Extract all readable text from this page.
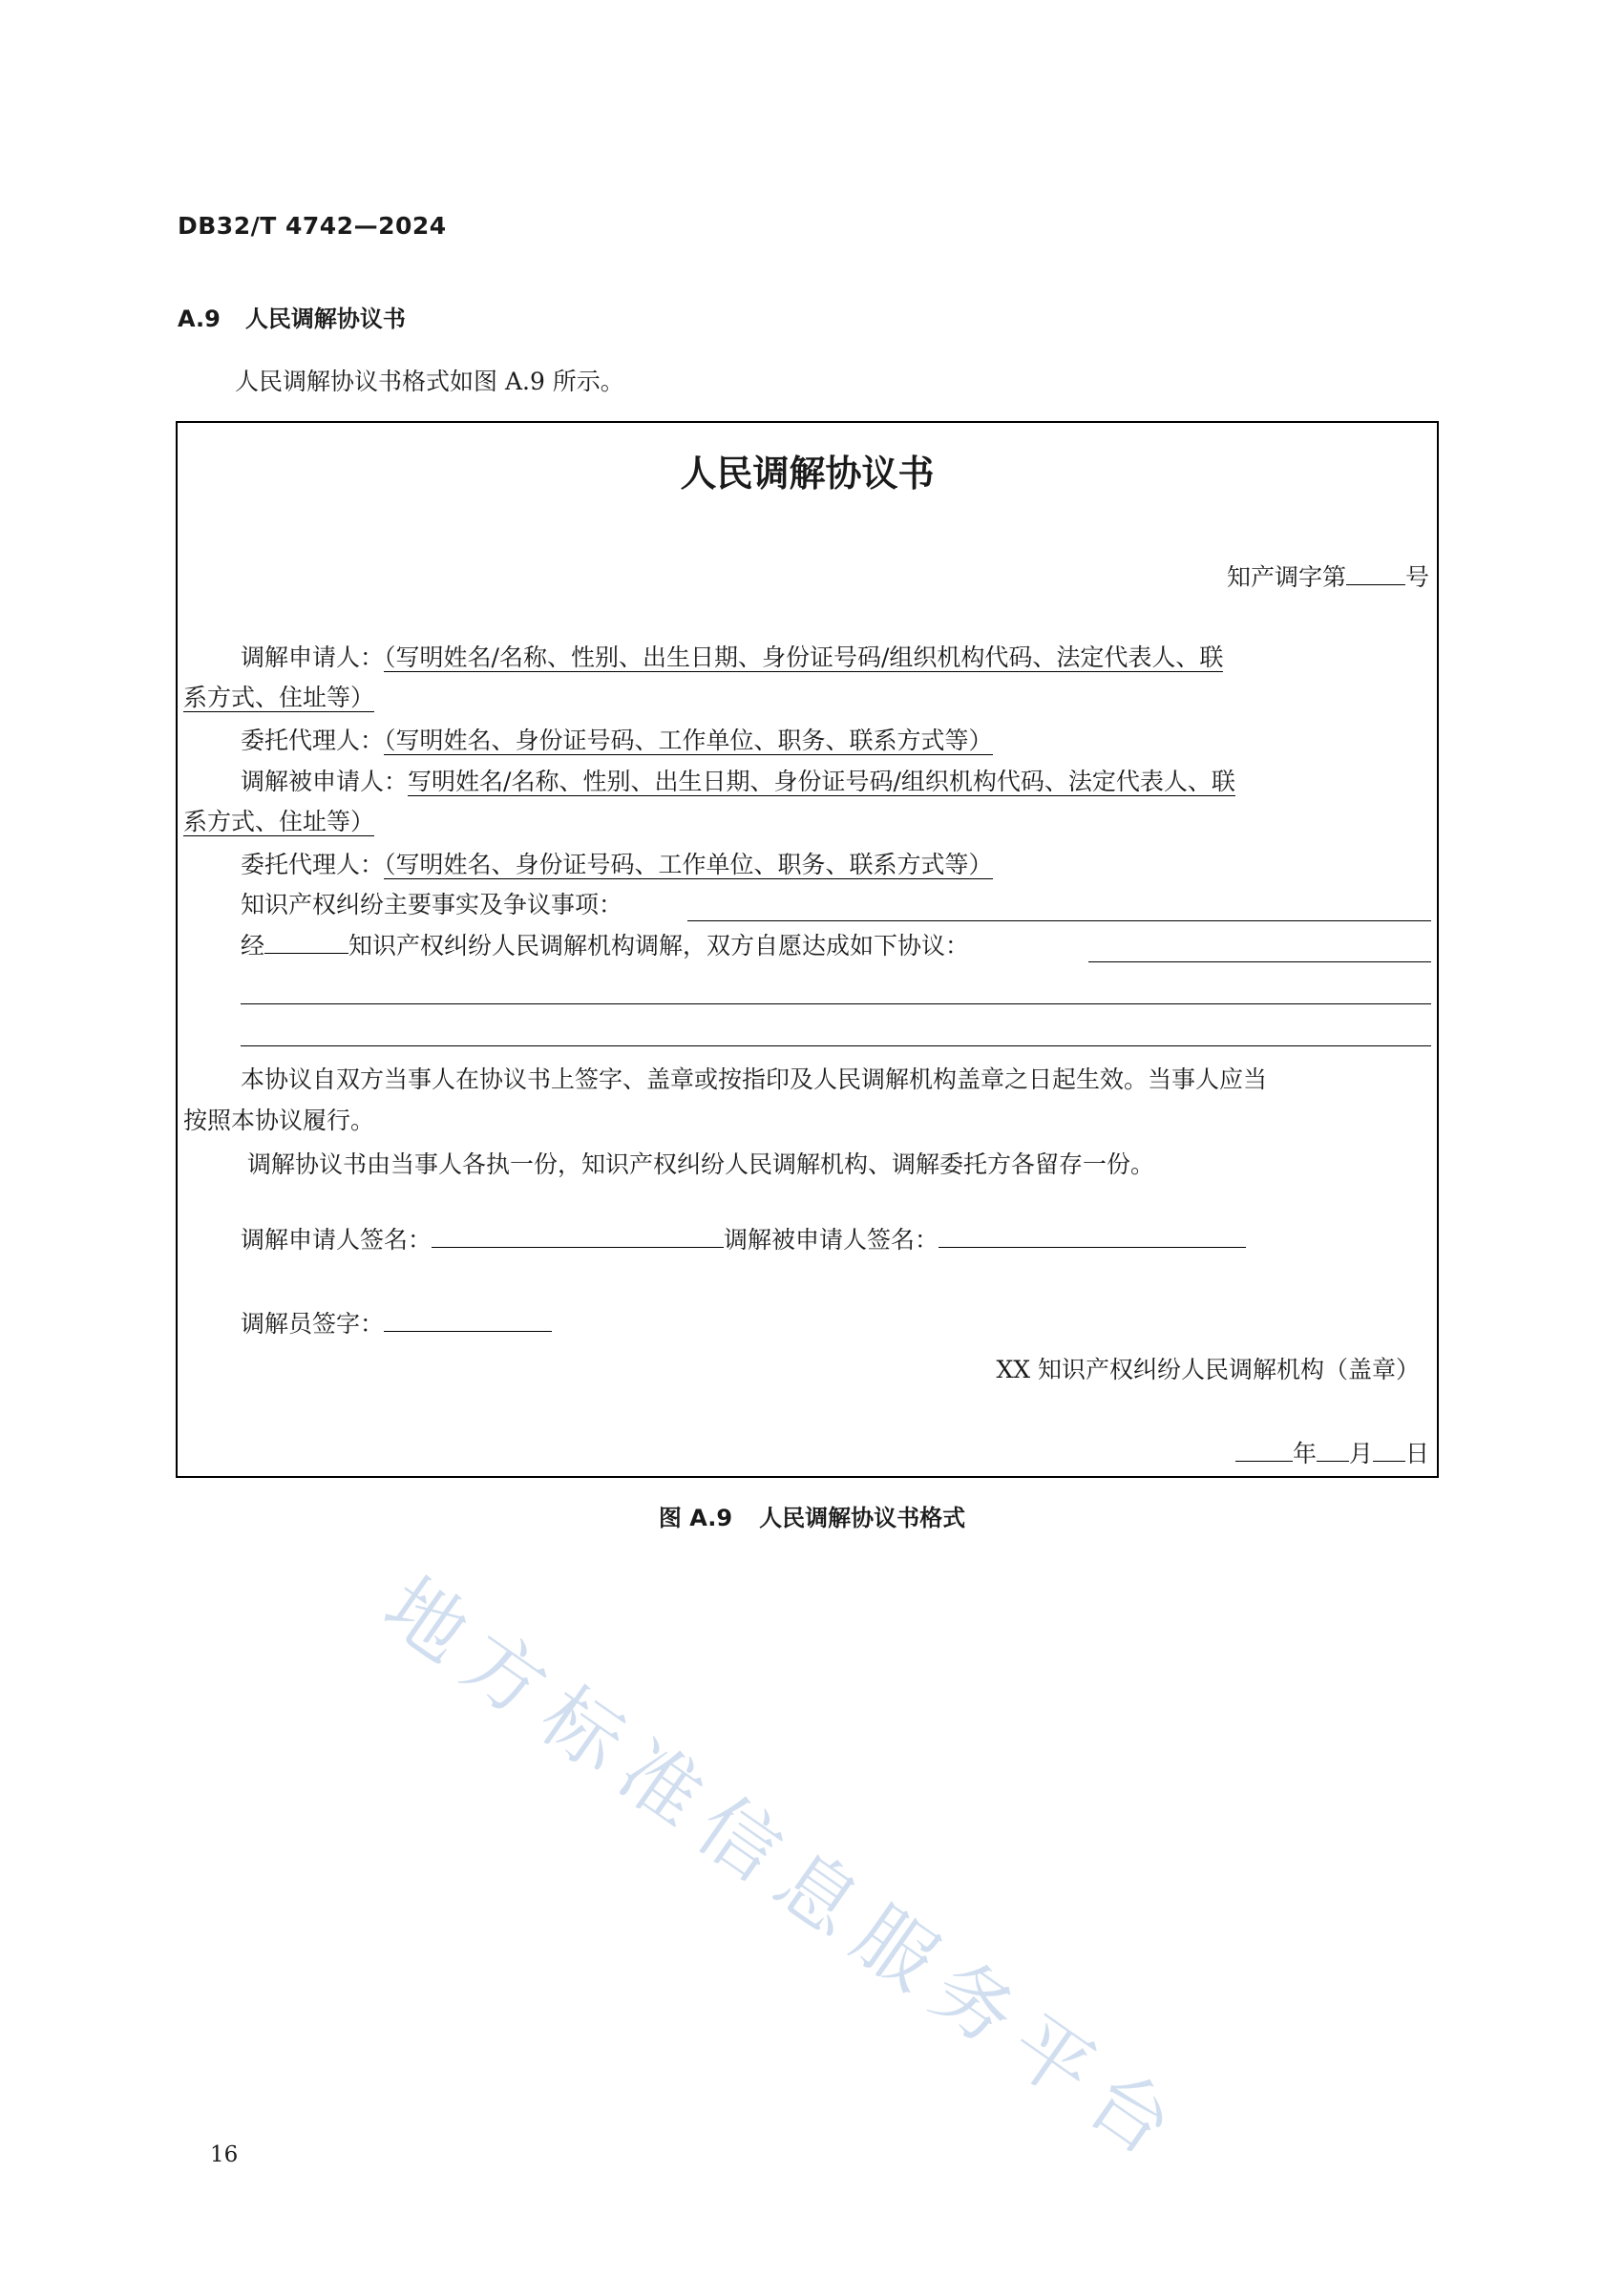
DB32/T 4742—2024
A.9 人民调解协议书
人民调解协议书格式如图 A.9 所示。
人民调解协议书
知产调字第 号
调解申请人：（写明姓名/名称、性别、出生日期、身份证号码/组织机构代码、法定代表人、联
系方式、住址等）
委托代理人：（写明姓名、身份证号码、工作单位、职务、联系方式等）
调解被申请人：写明姓名/名称、性别、出生日期、身份证号码/组织机构代码、法定代表人、联
系方式、住址等）
委托代理人：（写明姓名、身份证号码、工作单位、职务、联系方式等）
知识产权纠纷主要事实及争议事项：
经	知识产权纠纷人民调解机构调解，双方自愿达成如下协议：
本协议自双方当事人在协议书上签字、盖章或按指印及人民调解机构盖章之日起生效。当事人应当
按照本协议履行。
调解协议书由当事人各执一份，知识产权纠纷人民调解机构、调解委托方各留存一份。
调解申请人签名：	调解被申请人签名：
调解员签字：
XX 知识产权纠纷人民调解机构（盖章）
年 月 日
图 A.9 人民调解协议书格式
地方标准信息服务平台
16
